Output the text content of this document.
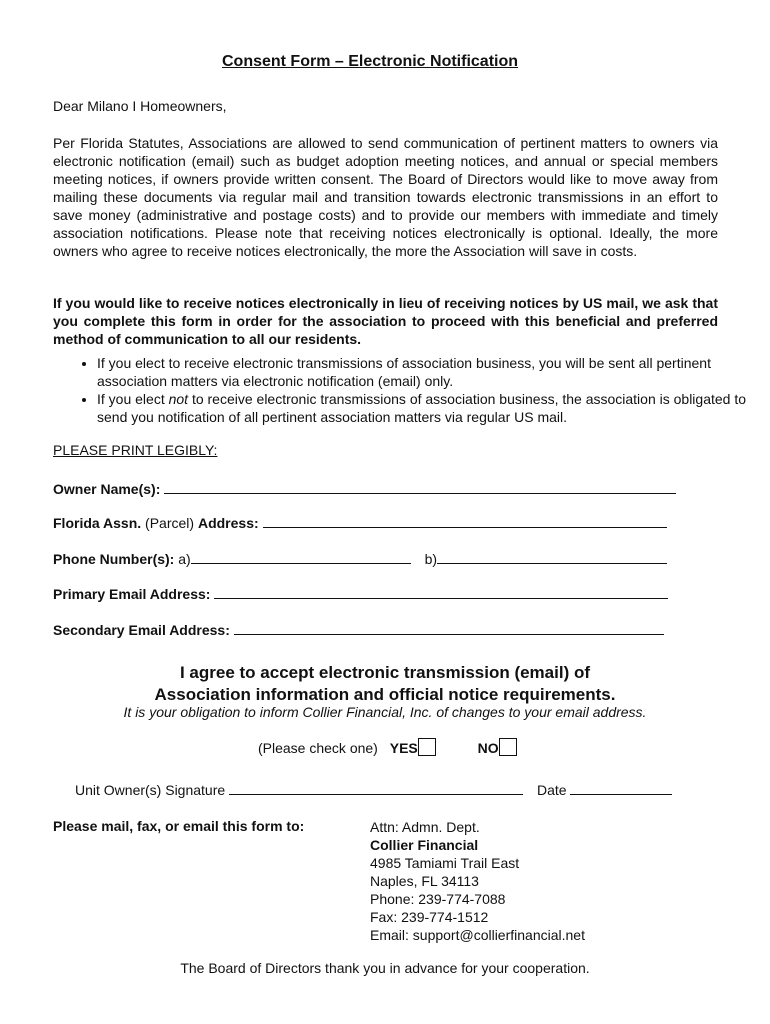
Consent Form – Electronic Notification
Dear Milano I Homeowners,
Per Florida Statutes, Associations are allowed to send communication of pertinent matters to owners via electronic notification (email) such as budget adoption meeting notices, and annual or special members meeting notices, if owners provide written consent. The Board of Directors would like to move away from mailing these documents via regular mail and transition towards electronic transmissions in an effort to save money (administrative and postage costs) and to provide our members with immediate and timely association notifications. Please note that receiving notices electronically is optional. Ideally, the more owners who agree to receive notices electronically, the more the Association will save in costs.
If you would like to receive notices electronically in lieu of receiving notices by US mail, we ask that you complete this form in order for the association to proceed with this beneficial and preferred method of communication to all our residents.
• If you elect to receive electronic transmissions of association business, you will be sent all pertinent association matters via electronic notification (email) only.
• If you elect not to receive electronic transmissions of association business, the association is obligated to send you notification of all pertinent association matters via regular US mail.
PLEASE PRINT LEGIBLY:
Owner Name(s):
Florida Assn. (Parcel) Address:
Phone Number(s): a)	b)
Primary Email Address:
Secondary Email Address:
I agree to accept electronic transmission (email) of
Association information and official notice requirements.
It is your obligation to inform Collier Financial, Inc. of changes to your email address.
(Please check one) YES	NO
Unit Owner(s) Signature	Date
Please mail, fax, or email this form to:	Attn: Admn. Dept.
Collier Financial
4985 Tamiami Trail East
Naples, FL 34113
Phone: 239-774-7088
Fax: 239-774-1512
Email: support@collierfinancial.net
The Board of Directors thank you in advance for your cooperation.
